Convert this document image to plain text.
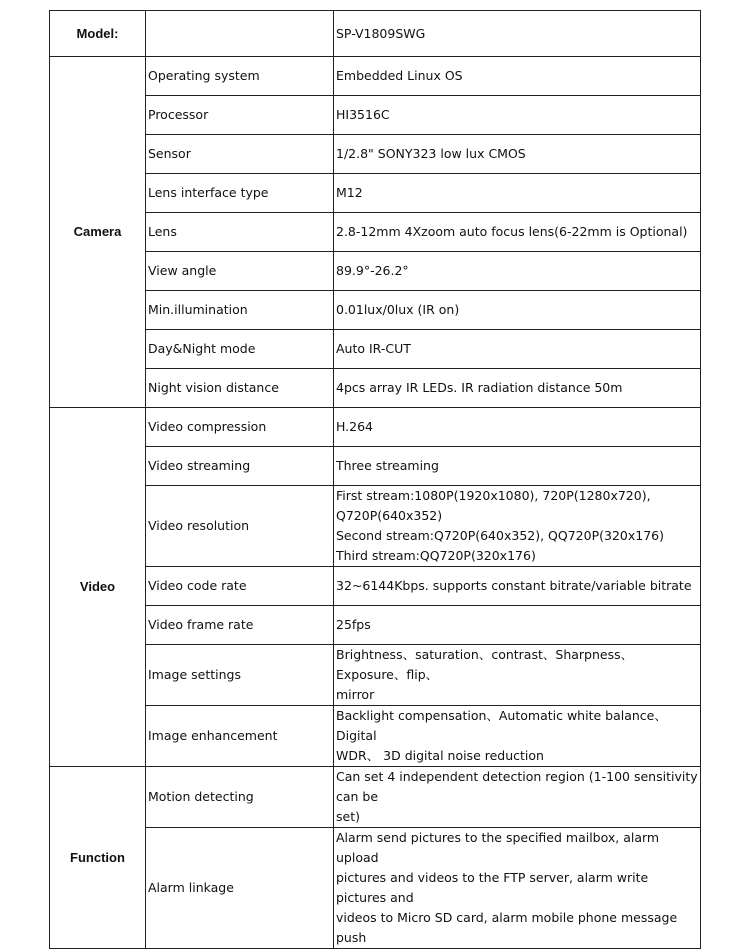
Model:		SP-V1809SWG
Camera	Operating system	Embedded Linux OS
	Processor	HI3516C
	Sensor	1/2.8" SONY323 low lux CMOS
	Lens interface type	M12
	Lens	2.8-12mm 4Xzoom auto focus lens(6-22mm is Optional)
	View angle	89.9°-26.2°
	Min.illumination	0.01lux/0lux (IR on)
	Day&Night mode	Auto IR-CUT
	Night vision distance	4pcs array IR LEDs. IR radiation distance 50m
Video	Video compression	H.264
	Video streaming	Three streaming
	Video resolution	First stream:1080P(1920x1080), 720P(1280x720), Q720P(640x352)
Second stream:Q720P(640x352), QQ720P(320x176)
Third stream:QQ720P(320x176)

	Video code rate	32~6144Kbps. supports constant bitrate/variable bitrate
	Video frame rate	25fps
	Image settings	Brightness、saturation、contrast、Sharpness、Exposure、flip、
mirror

	Image enhancement	Backlight compensation、Automatic white balance、Digital
WDR、 3D digital noise reduction

Function	Motion detecting	Can set 4 independent detection region (1-100 sensitivity can be
set)

	Alarm linkage	Alarm send pictures to the specified mailbox, alarm upload
pictures and videos to the FTP server, alarm write pictures and
videos to Micro SD card, alarm mobile phone message push
